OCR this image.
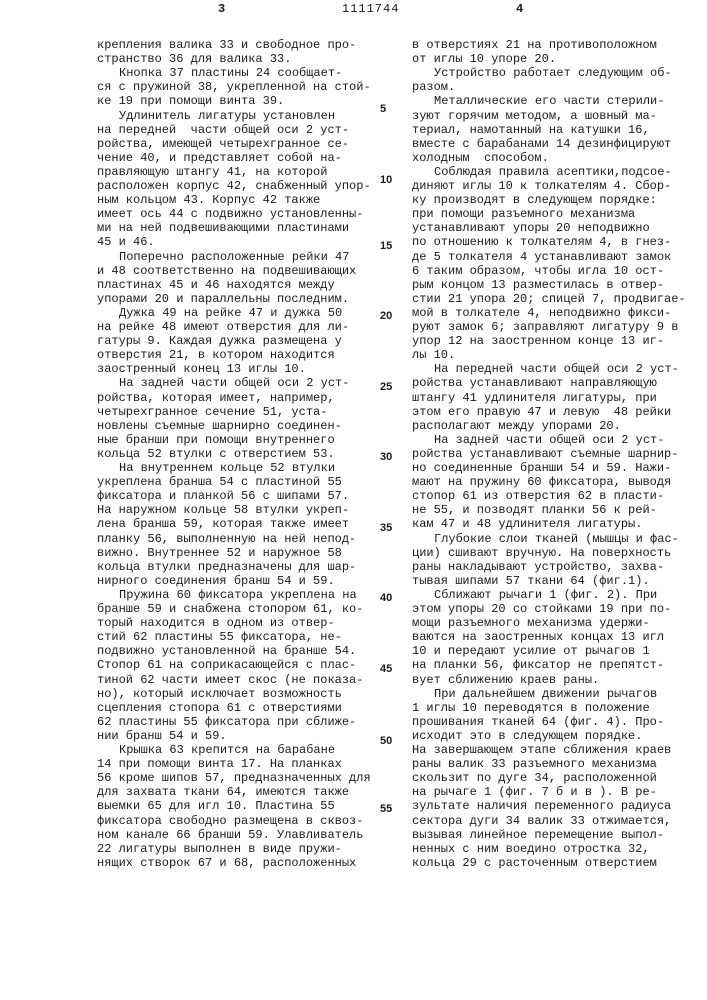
3	1111744	4
крепления валика 33 и свободное про-
странство 36 для валика 33.
Кнопка 37 пластины 24 сообщает-
ся с пружиной 38, укрепленной на стой-
ке 19 при помощи винта 39.
Удлинитель лигатуры установлен
на передней  части общей оси 2 уст-
ройства, имеющей четырехгранное се-
чение 40, и представляет собой на-
правляющую штангу 41, на которой
расположен корпус 42, снабженный упор-
ным кольцом 43. Корпус 42 также
имеет ось 44 с подвижно установленны-
ми на ней подвешивающими пластинами
45 и 46.
Поперечно расположенные рейки 47
и 48 соответственно на подвешивающих
пластинах 45 и 46 находятся между
упорами 20 и параллельны последним.
Дужка 49 на рейке 47 и дужка 50
на рейке 48 имеют отверстия для ли-
гатуры 9. Каждая дужка размещена у
отверстия 21, в котором находится
заостренный конец 13 иглы 10.
На задней части общей оси 2 уст-
ройства, которая имеет, например,
четырехгранное сечение 51, уста-
новлены съемные шарнирно соединен-
ные бранши при помощи внутреннего
кольца 52 втулки с отверстием 53.
На внутреннем кольце 52 втулки
укреплена бранша 54 с пластиной 55
фиксатора и планкой 56 с шипами 57.
На наружном кольце 58 втулки укреп-
лена бранша 59, которая также имеет
планку 56, выполненную на ней непод-
вижно. Внутреннее 52 и наружное 58
кольца втулки предназначены для шар-
нирного соединения бранш 54 и 59.
Пружина 60 фиксатора укреплена на
бранше 59 и снабжена стопором 61, ко-
торый находится в одном из отвер-
стий 62 пластины 55 фиксатора, не-
подвижно установленной на бранше 54.
Стопор 61 на соприкасающейся с плас-
тиной 62 части имеет скос (не показа-
но), который исключает возможность
сцепления стопора 61 с отверстиями
62 пластины 55 фиксатора при сближе-
нии бранш 54 и 59.
Крышка 63 крепится на барабане
14 при помощи винта 17. На планках
56 кроме шипов 57, предназначенных для
для захвата ткани 64, имеются также
выемки 65 для игл 10. Пластина 55
фиксатора свободно размещена в сквоз-
ном канале 66 бранши 59. Улавливатель
22 лигатуры выполнен в виде пружи-
нящих створок 67 и 68, расположенных
в отверстиях 21 на противоположном
от иглы 10 упоре 20.
Устройство работает следующим об-
разом.
Металлические его части стерили-
зуют горячим методом, а шовный ма-
териал, намотанный на катушки 16,
вместе с барабанами 14 дезинфицируют
холодным  способом.
Соблюдая правила асептики,подсое-
диняют иглы 10 к толкателям 4. Сбор-
ку производят в следующем порядке:
при помощи разъемного механизма
устанавливают упоры 20 неподвижно
по отношению к толкателям 4, в гнез-
де 5 толкателя 4 устанавливают замок
6 таким образом, чтобы игла 10 ост-
рым концом 13 разместилась в отвер-
стии 21 упора 20; спицей 7, продвигае-
мой в толкателе 4, неподвижно фикси-
руют замок 6; заправляют лигатуру 9 в
упор 12 на заостренном конце 13 иг-
лы 10.
На передней части общей оси 2 уст-
ройства устанавливают направляющую
штангу 41 удлинителя лигатуры, при
этом его правую 47 и левую  48 рейки
располагают между упорами 20.
На задней части общей оси 2 уст-
ройства устанавливают съемные шарнир-
но соединенные бранши 54 и 59. Нажи-
мают на пружину 60 фиксатора, выводя
стопор 61 из отверстия 62 в пласти-
не 55, и позводят планки 56 к рей-
кам 47 и 48 удлинителя лигатуры.
Глубокие слои тканей (мышцы и фас-
ции) сшивают вручную. На поверхность
раны накладывают устройство, захва-
тывая шипами 57 ткани 64 (фиг.1).
Сближают рычаги 1 (фиг. 2). При
этом упоры 20 со стойками 19 при по-
мощи разъемного механизма удержи-
ваются на заостренных концах 13 игл
10 и передают усилие от рычагов 1
на планки 56, фиксатор не препятст-
вует сближению краев раны.
При дальнейшем движении рычагов
1 иглы 10 переводятся в положение
прошивания тканей 64 (фиг. 4). Про-
исходит это в следующем порядке.
На завершающем этапе сближения краев
раны валик 33 разъемного механизма
скользит по дуге 34, расположенной
на рычаге 1 (фиг. 7 б и в ). В ре-
зультате наличия переменного радиуса
сектора дуги 34 валик 33 отжимается,
вызывая линейное перемещение выпол-
ненных с ним воедино отростка 32,
кольца 29 с расточенным отверстием
5
10
15
20
25
30
35
40
45
50
55
